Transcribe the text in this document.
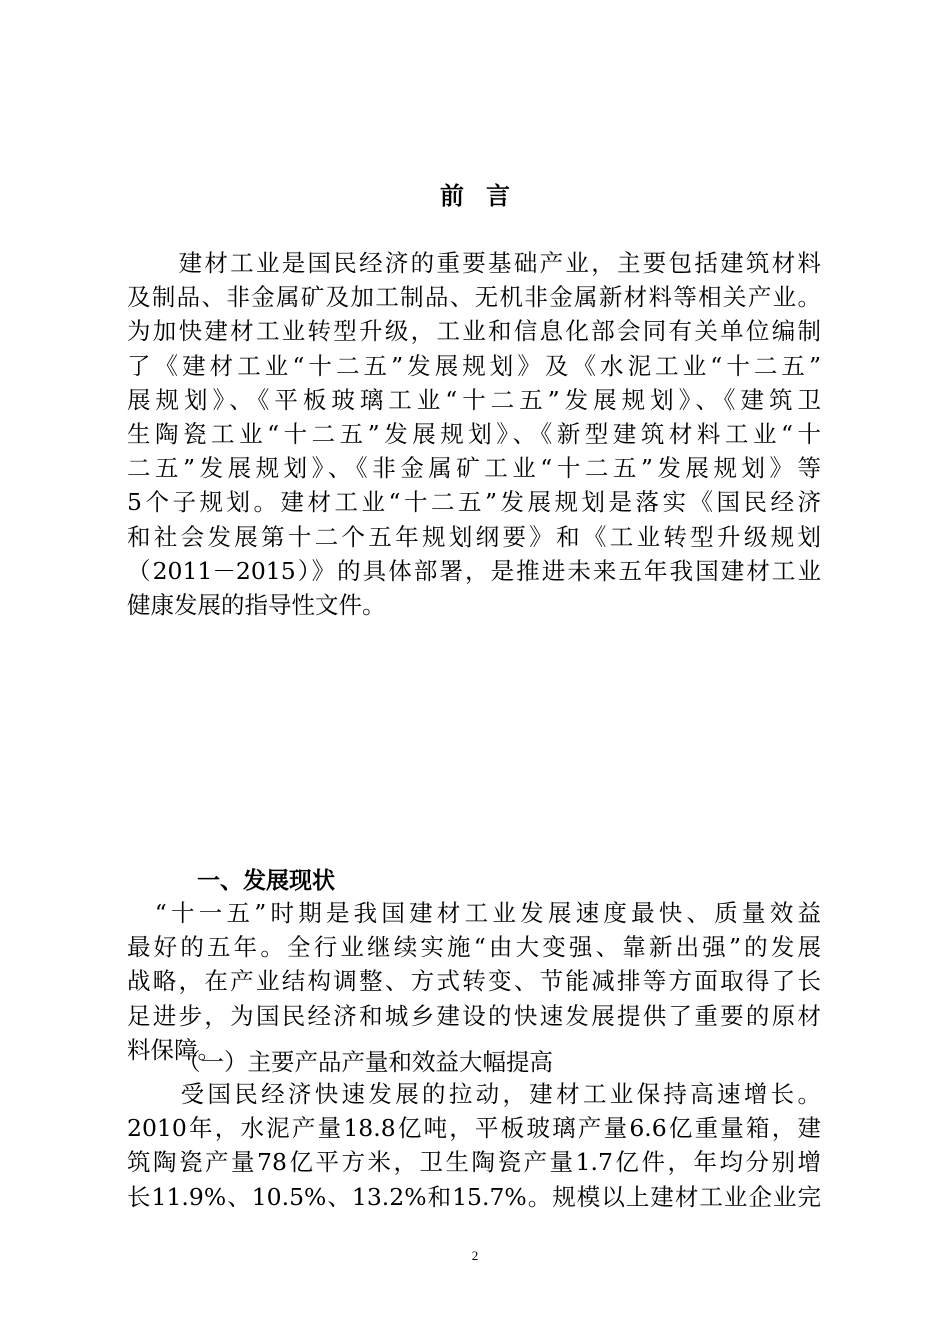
前言
　　建材工业是国民经济的重要基础产业，主要包括建筑材料
及制品、非金属矿及加工制品、无机非金属新材料等相关产业。
为加快建材工业转型升级，工业和信息化部会同有关单位编制
了《建材工业“十二五”发展规划》及《水泥工业“十二五”
展规划》、《平板玻璃工业“十二五”发展规划》、《建筑卫
生陶瓷工业“十二五”发展规划》、《新型建筑材料工业“十
二五”发展规划》、《非金属矿工业“十二五”发展规划》等
5个子规划。建材工业“十二五”发展规划是落实《国民经济
和社会发展第十二个五年规划纲要》和《工业转型升级规划
（2011－2015）》的具体部署，是推进未来五年我国建材工业
健康发展的指导性文件。
一、发展现状
　“十一五”时期是我国建材工业发展速度最快、质量效益
最好的五年。全行业继续实施“由大变强、靠新出强”的发展
战略，在产业结构调整、方式转变、节能减排等方面取得了长
足进步，为国民经济和城乡建设的快速发展提供了重要的原材
料保障。
（一）主要产品产量和效益大幅提高
　　受国民经济快速发展的拉动，建材工业保持高速增长。
2010年，水泥产量18.8亿吨，平板玻璃产量6.6亿重量箱，建
筑陶瓷产量78亿平方米，卫生陶瓷产量1.7亿件，年均分别增
长11.9%、10.5%、13.2%和15.7%。规模以上建材工业企业完
2
